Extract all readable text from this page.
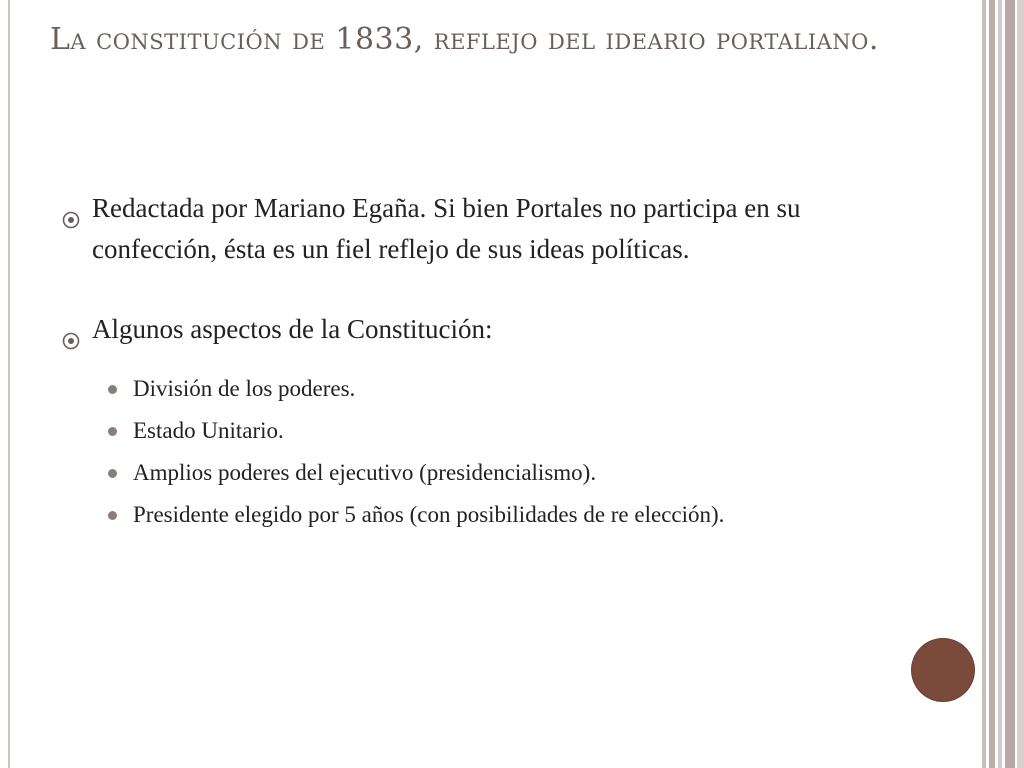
La constitución de 1833, reflejo del ideario portaliano.
Redactada por Mariano Egaña. Si bien Portales no participa en su confección, ésta es un fiel reflejo de sus ideas políticas.
Algunos aspectos de la Constitución:
División de los poderes.
Estado Unitario.
Amplios poderes del ejecutivo (presidencialismo).
Presidente elegido por 5 años (con posibilidades de re elección).
